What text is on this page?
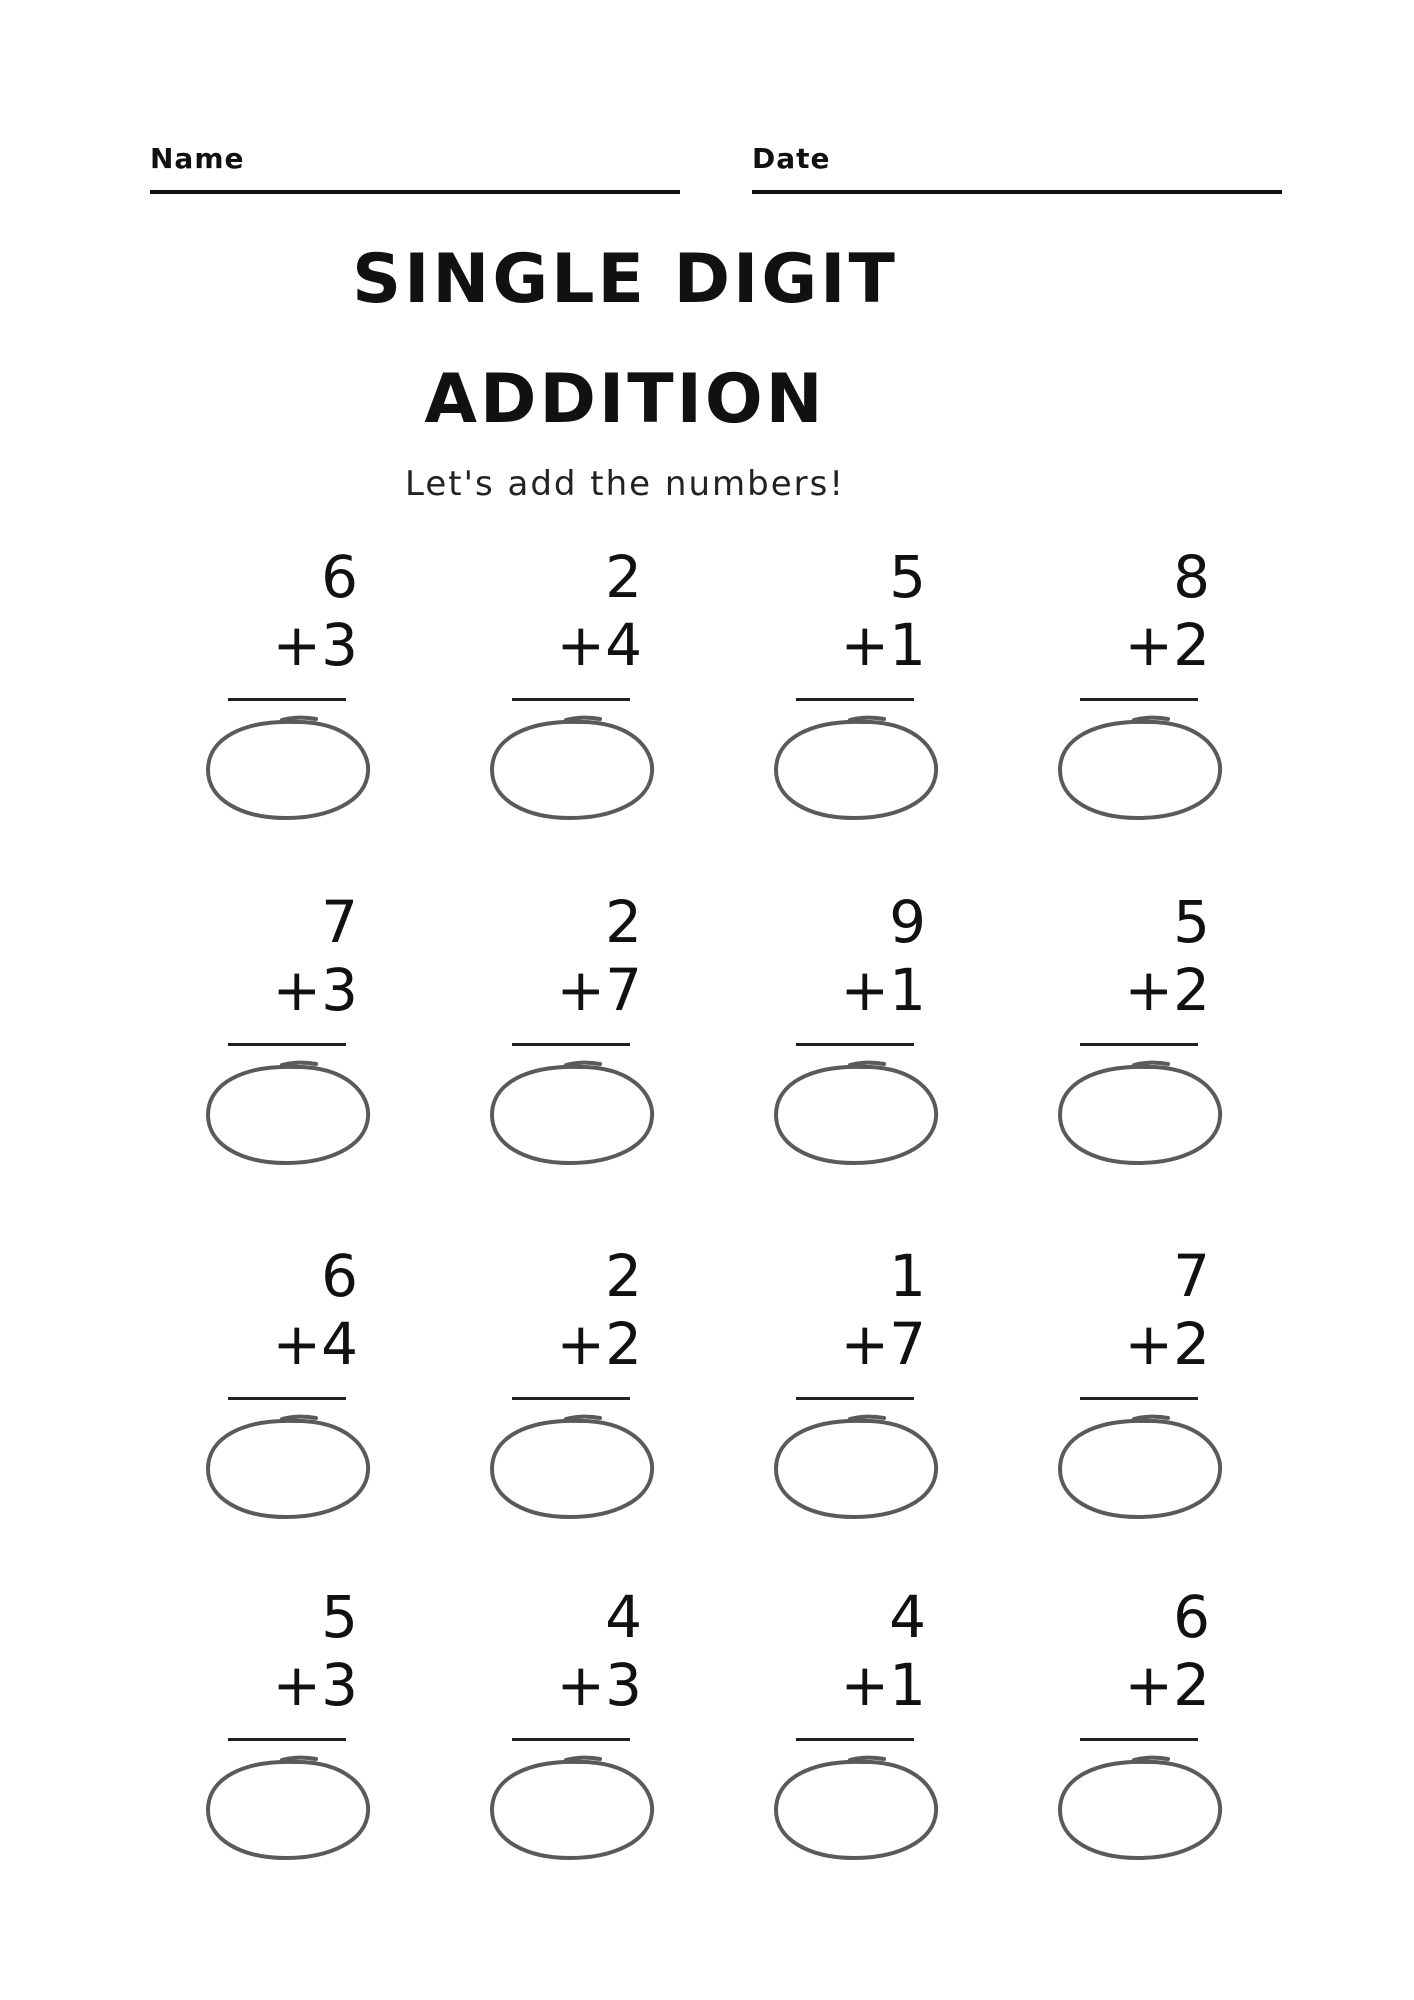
Name	Date
SINGLE DIGIT
ADDITION
Let's add the numbers!
6
+3
2
+4
5
+1
8
+2
7
+3
2
+7
9
+1
5
+2
6
+4
2
+2
1
+7
7
+2
5
+3
4
+3
4
+1
6
+2
